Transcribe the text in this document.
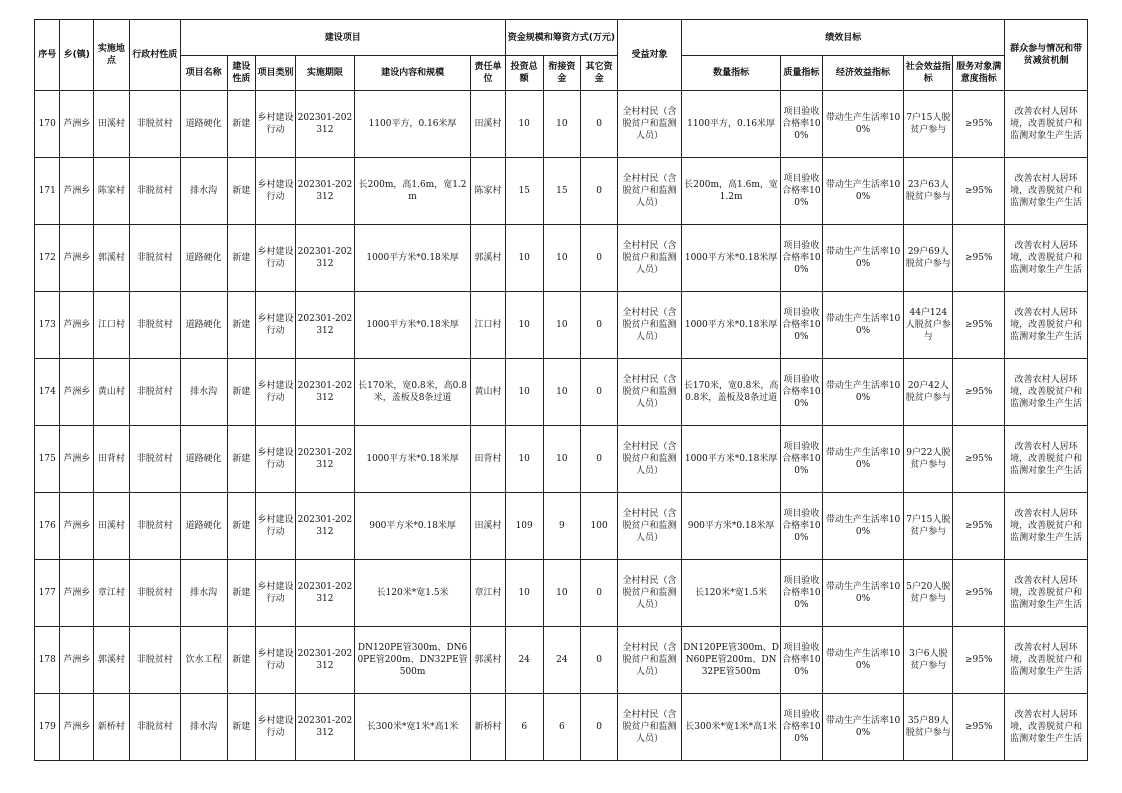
序号	乡(镇)	实施地点	行政村性质	建设项目						资金规模和筹资方式(万元)			受益对象	绩效目标					群众参与情况和带贫减贫机制
				项目名称	建设性质	项目类别	实施期限	建设内容和规模	责任单位	投资总额	衔接资金	其它资金		数量指标	质量指标	经济效益指标	社会效益指标	服务对象满意度指标	
170	芦洲乡	田溪村	非脱贫村	道路硬化	新建	乡村建设行动	202301-202312	1100平方，0.16米厚	田溪村	10	10	0	全村村民（含脱贫户和监测人员）	1100平方，0.16米厚	项目验收合格率100%	带动生产生活率100%	7户15人脱贫户参与	≥95%	改善农村人居环境，改善脱贫户和监测对象生产生活
171	芦洲乡	陈家村	非脱贫村	排水沟	新建	乡村建设行动	202301-202312	长200m，高1.6m，宽1.2m	陈家村	15	15	0	全村村民（含脱贫户和监测人员）	长200m，高1.6m，宽1.2m	项目验收合格率100%	带动生产生活率100%	23户63人脱贫户参与	≥95%	改善农村人居环境，改善脱贫户和监测对象生产生活
172	芦洲乡	郭溪村	非脱贫村	道路硬化	新建	乡村建设行动	202301-202312	1000平方米*0.18米厚	郭溪村	10	10	0	全村村民（含脱贫户和监测人员）	1000平方米*0.18米厚	项目验收合格率100%	带动生产生活率100%	29户69人脱贫户参与	≥95%	改善农村人居环境，改善脱贫户和监测对象生产生活
173	芦洲乡	江口村	非脱贫村	道路硬化	新建	乡村建设行动	202301-202312	1000平方米*0.18米厚	江口村	10	10	0	全村村民（含脱贫户和监测人员）	1000平方米*0.18米厚	项目验收合格率100%	带动生产生活率100%	44户124人脱贫户参与	≥95%	改善农村人居环境，改善脱贫户和监测对象生产生活
174	芦洲乡	黄山村	非脱贫村	排水沟	新建	乡村建设行动	202301-202312	长170米，宽0.8米，高0.8米，盖板及8条过道	黄山村	10	10	0	全村村民（含脱贫户和监测人员）	长170米，宽0.8米，高0.8米，盖板及8条过道	项目验收合格率100%	带动生产生活率100%	20户42人脱贫户参与	≥95%	改善农村人居环境，改善脱贫户和监测对象生产生活
175	芦洲乡	田背村	非脱贫村	道路硬化	新建	乡村建设行动	202301-202312	1000平方米*0.18米厚	田背村	10	10	0	全村村民（含脱贫户和监测人员）	1000平方米*0.18米厚	项目验收合格率100%	带动生产生活率100%	9户22人脱贫户参与	≥95%	改善农村人居环境，改善脱贫户和监测对象生产生活
176	芦洲乡	田溪村	非脱贫村	道路硬化	新建	乡村建设行动	202301-202312	900平方米*0.18米厚	田溪村	109	9	100	全村村民（含脱贫户和监测人员）	900平方米*0.18米厚	项目验收合格率100%	带动生产生活率100%	7户15人脱贫户参与	≥95%	改善农村人居环境，改善脱贫户和监测对象生产生活
177	芦洲乡	章江村	非脱贫村	排水沟	新建	乡村建设行动	202301-202312	长120米*宽1.5米	章江村	10	10	0	全村村民（含脱贫户和监测人员）	长120米*宽1.5米	项目验收合格率100%	带动生产生活率100%	5户20人脱贫户参与	≥95%	改善农村人居环境，改善脱贫户和监测对象生产生活
178	芦洲乡	郭溪村	非脱贫村	饮水工程	新建	乡村建设行动	202301-202312	DN120PE管300m、DN60PE管200m、DN32PE管500m	郭溪村	24	24	0	全村村民（含脱贫户和监测人员）	DN120PE管300m、DN60PE管200m、DN32PE管500m	项目验收合格率100%	带动生产生活率100%	3户6人脱贫户参与	≥95%	改善农村人居环境，改善脱贫户和监测对象生产生活
179	芦洲乡	新桥村	非脱贫村	排水沟	新建	乡村建设行动	202301-202312	长300米*宽1米*高1米	新桥村	6	6	0	全村村民（含脱贫户和监测人员）	长300米*宽1米*高1米	项目验收合格率100%	带动生产生活率100%	35户89人脱贫户参与	≥95%	改善农村人居环境，改善脱贫户和监测对象生产生活
